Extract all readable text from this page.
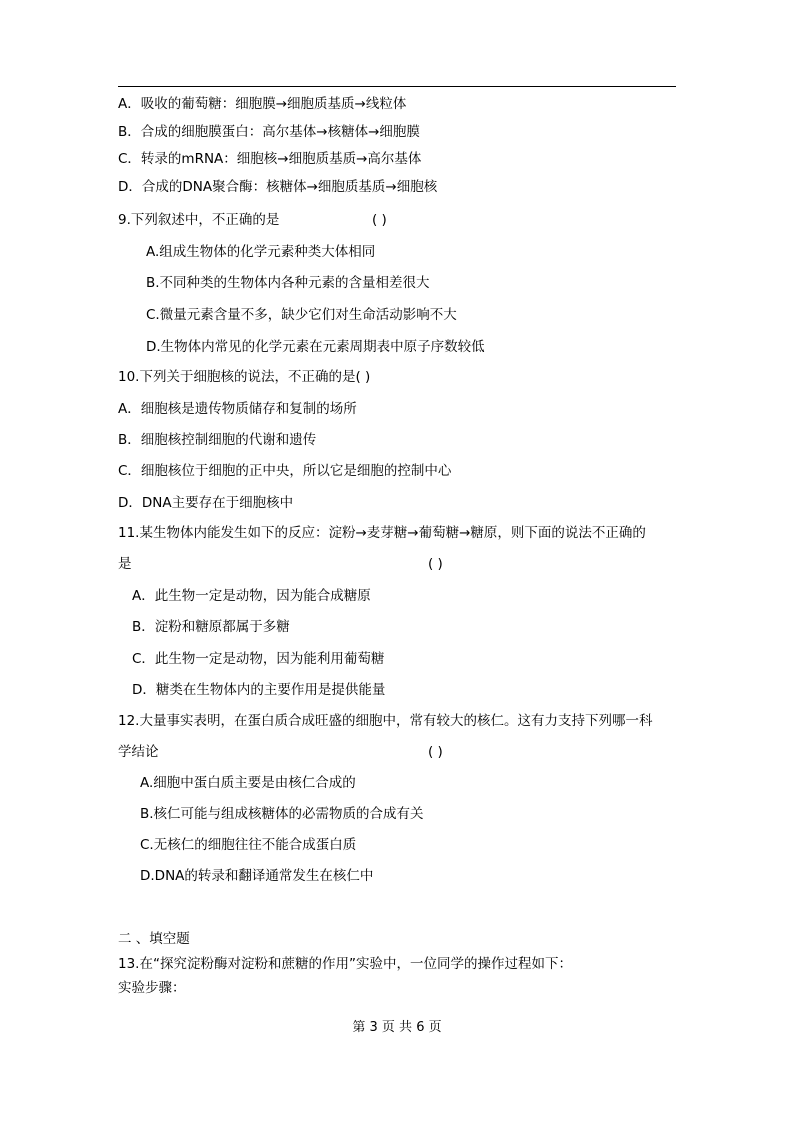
A．吸收的葡萄糖：细胞膜→细胞质基质→线粒体
B．合成的细胞膜蛋白：高尔基体→核糖体→细胞膜
C．转录的mRNA：细胞核→细胞质基质→高尔基体
D．合成的DNA聚合酶：核糖体→细胞质基质→细胞核
9.下列叙述中，不正确的是	( )
A.组成生物体的化学元素种类大体相同
B.不同种类的生物体内各种元素的含量相差很大
C.微量元素含量不多，缺少它们对生命活动影响不大
D.生物体内常见的化学元素在元素周期表中原子序数较低
10.下列关于细胞核的说法，不正确的是( )
A．细胞核是遗传物质储存和复制的场所
B．细胞核控制细胞的代谢和遗传
C．细胞核位于细胞的正中央，所以它是细胞的控制中心
D．DNA主要存在于细胞核中
11.某生物体内能发生如下的反应：淀粉→麦芽糖→葡萄糖→糖原，则下面的说法不正确的
是	( )
A．此生物一定是动物，因为能合成糖原
B．淀粉和糖原都属于多糖
C．此生物一定是动物，因为能利用葡萄糖
D．糖类在生物体内的主要作用是提供能量
12.大量事实表明，在蛋白质合成旺盛的细胞中，常有较大的核仁。这有力支持下列哪一科
学结论	( )
A.细胞中蛋白质主要是由核仁合成的
B.核仁可能与组成核糖体的必需物质的合成有关
C.无核仁的细胞往往不能合成蛋白质
D.DNA的转录和翻译通常发生在核仁中
二 、填空题
13.在“探究淀粉酶对淀粉和蔗糖的作用”实验中，一位同学的操作过程如下：
实验步骤：
第 3 页 共 6 页
